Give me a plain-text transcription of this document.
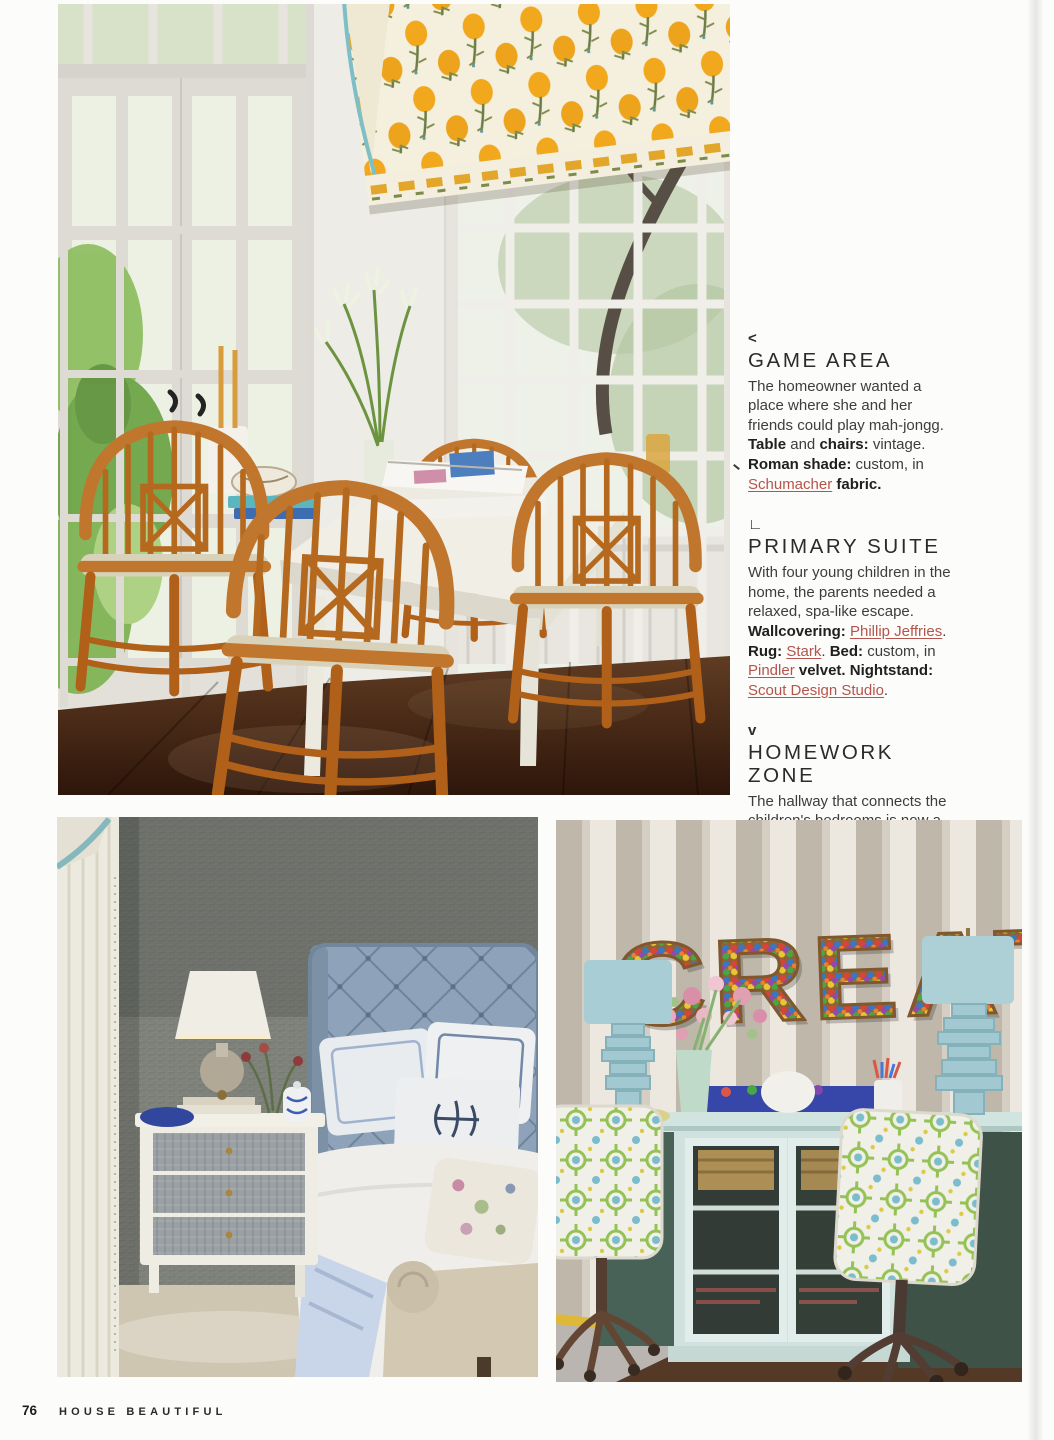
<
GAME AREA

The homeowner wanted a place where she and her friends could play mah-jongg. Table and chairs: vintage. Roman shade: custom, in Schumacher fabric.

∟
PRIMARY SUITE

With four young children in the home, the parents needed a relaxed, spa-like escape. Wallcovering: Phillip Jeffries. Rug: Stark. Bed: custom, in Pindler velvet. Nightstand: Scout Design Studio.

v
HOMEWORK ZONE

The hallway that connects the

76 HOUSE BEAUTIFUL
